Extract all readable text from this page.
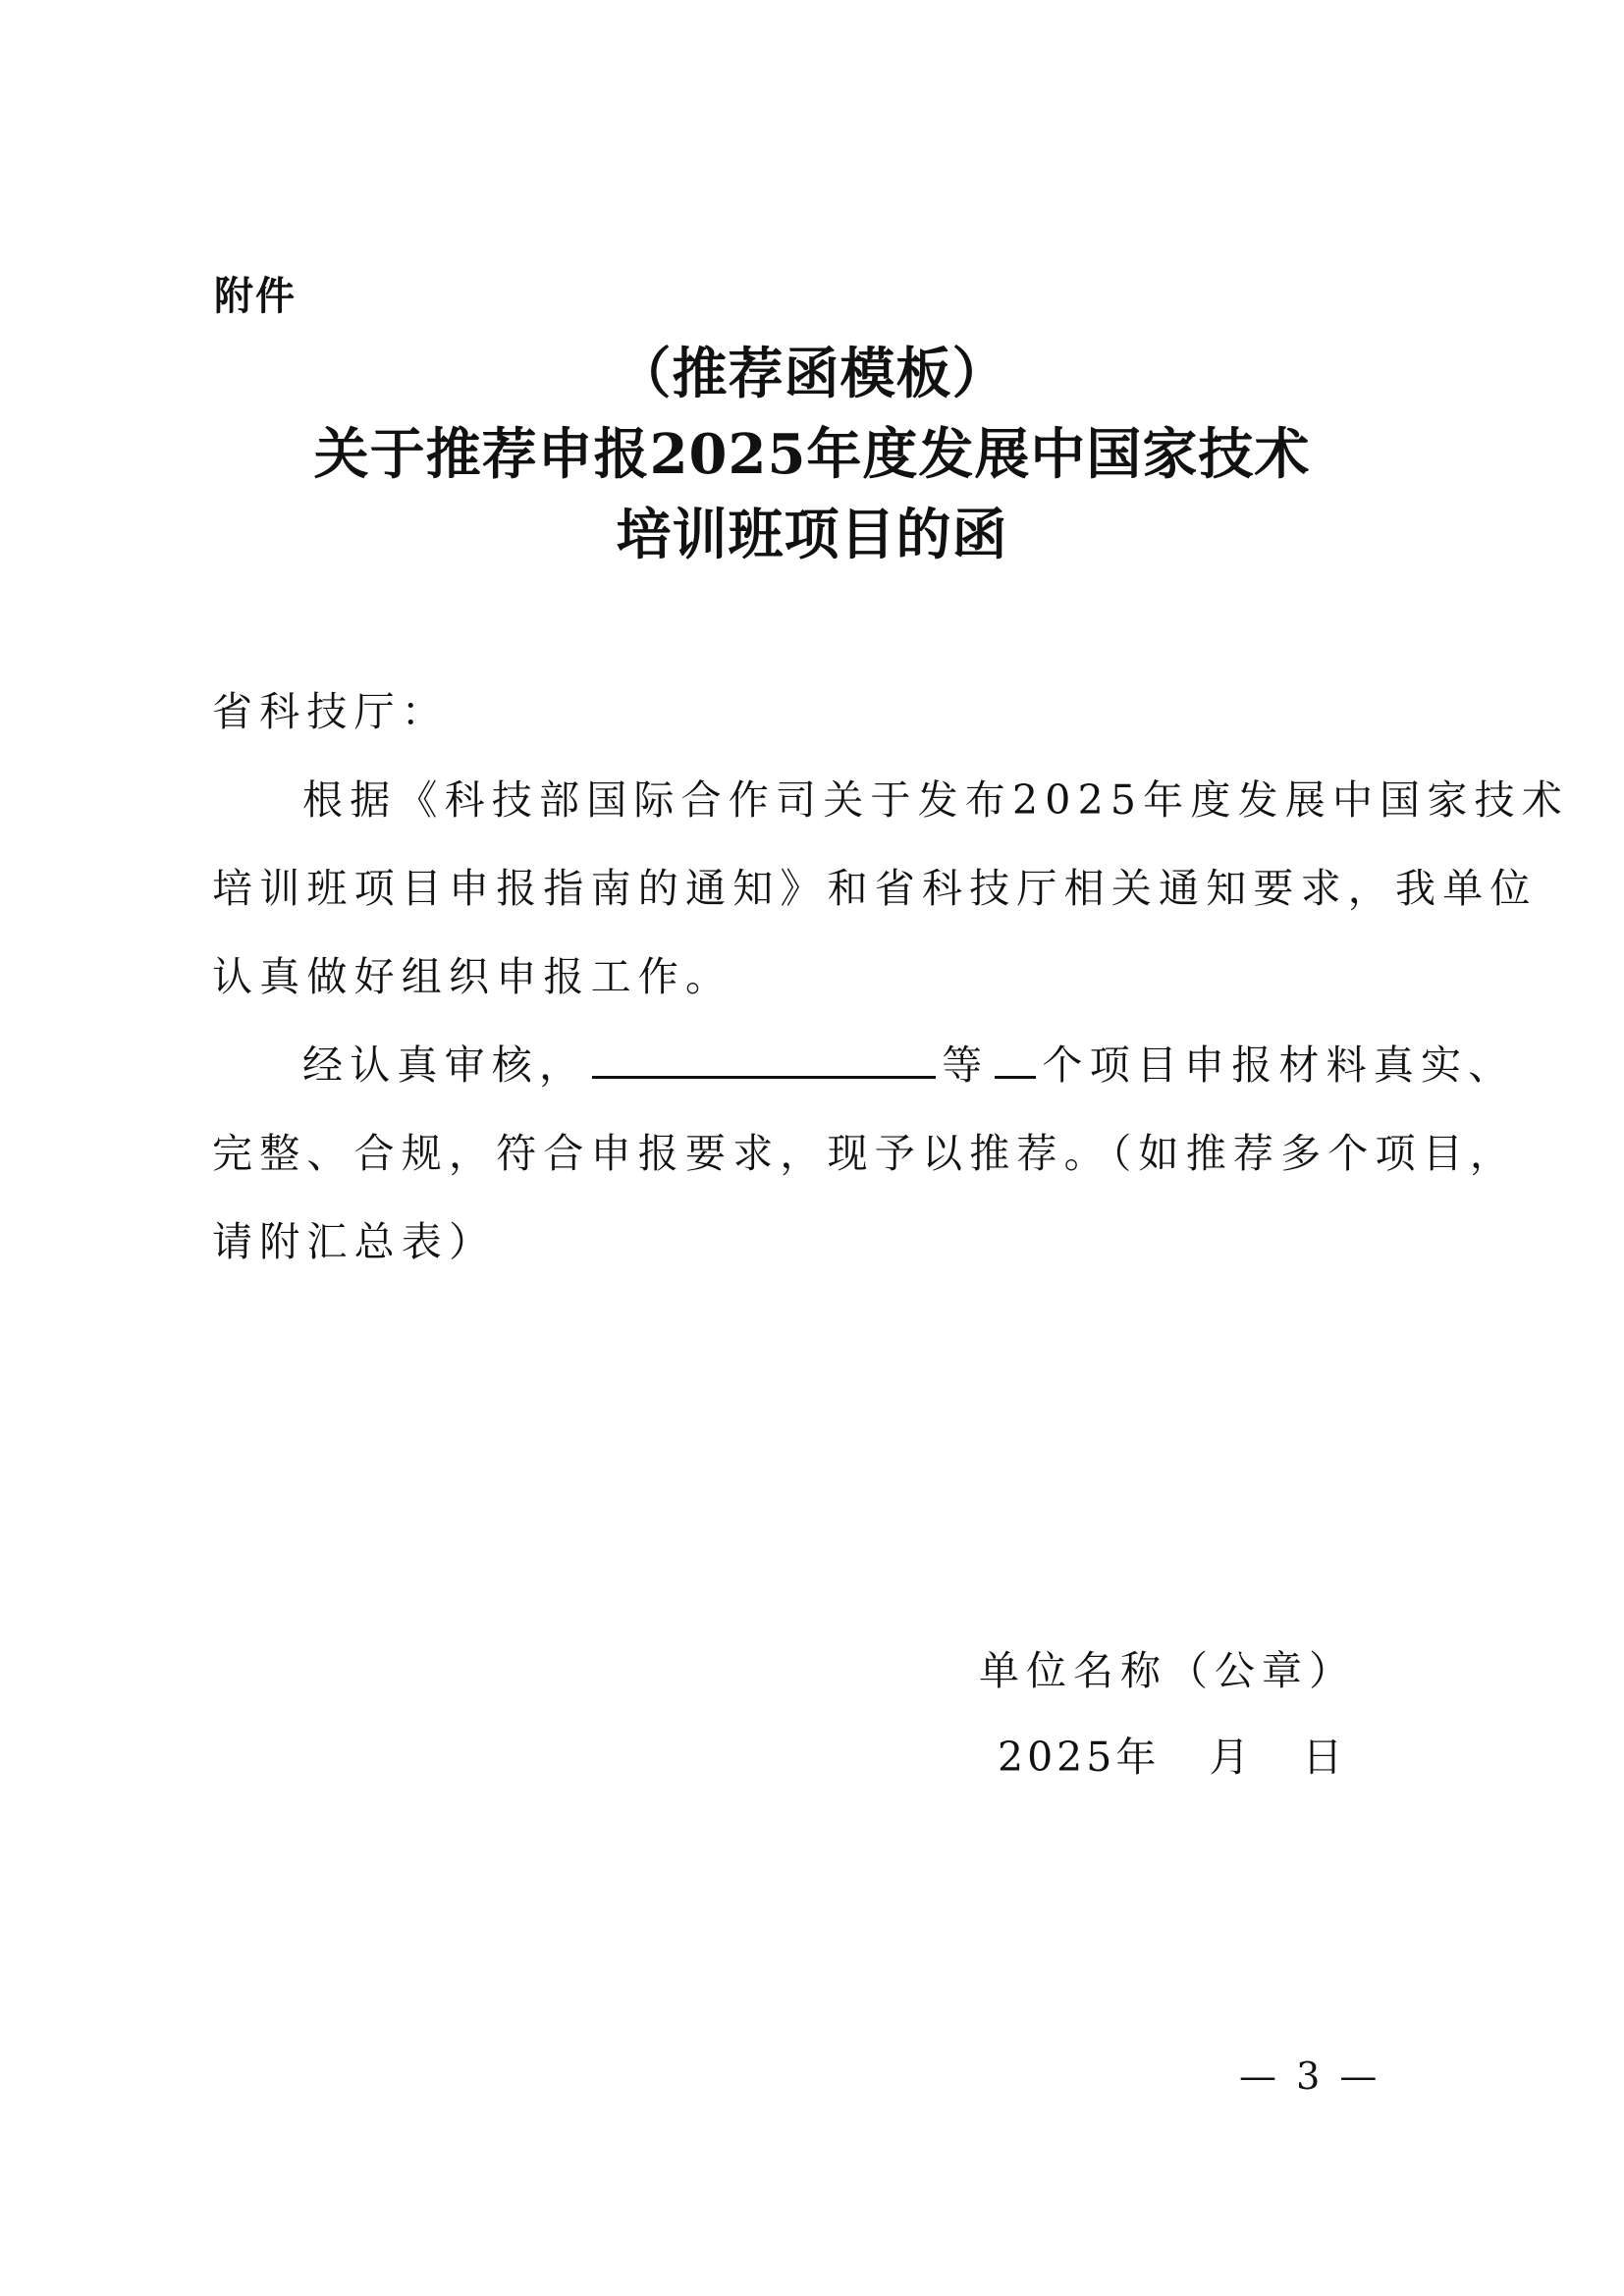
附件
（推荐函模板）
关于推荐申报2025年度发展中国家技术
培训班项目的函
省科技厅：
根据《科技部国际合作司关于发布2025年度发展中国家技术
培训班项目申报指南的通知》和省科技厅相关通知要求，我单位
认真做好组织申报工作。
经认真审核，	等 个项目申报材料真实、
完整、合规，符合申报要求，现予以推荐。（如推荐多个项目，
请附汇总表）
单位名称（公章）
2025年 月 日
— 3 —
